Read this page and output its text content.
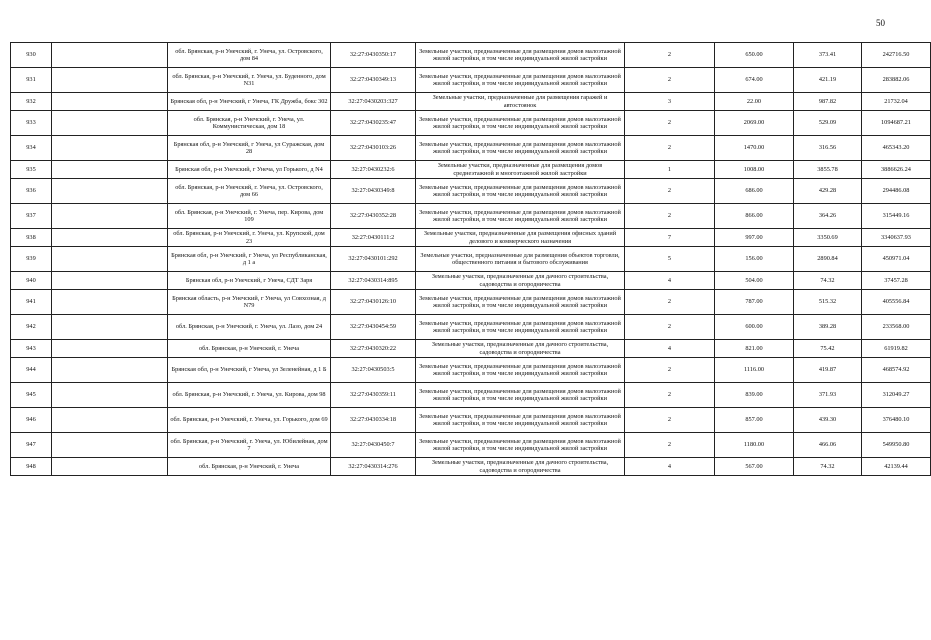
50
930		обл. Брянская, р-н Унечский, г. Унеча, ул. Островского, дом 84	32:27:0430350:17	Земельные участки, предназначенные для размещения домов малоэтажной жилой застройки, в том числе индивидуальной жилой застройки	2	650.00	373.41	242716.50
931		обл. Брянская, р-н Унечский, г. Унеча, ул. Буденного, дом N31	32:27:0430349:13	Земельные участки, предназначенные для размещения домов малоэтажной жилой застройки, в том числе индивидуальной жилой застройки	2	674.00	421.19	283882.06
932		Брянская обл, р-н Унечский, г Унеча, ГК Дружба, бокс 302	32:27:0430203:327	Земельные участки, предназначенные для размещения гаражей и автостоянок	3	22.00	987.82	21732.04
933		обл. Брянская, р-н Унечский, г. Унеча, ул. Коммунистическая, дом 18	32:27:0430235:47	Земельные участки, предназначенные для размещения домов малоэтажной жилой застройки, в том числе индивидуальной жилой застройки	2	2069.00	529.09	1094687.21
934		Брянская обл, р-н Унечский, г Унеча, ул Суражская, дом 28	32:27:0430103:26	Земельные участки, предназначенные для размещения домов малоэтажной жилой застройки, в том числе индивидуальной жилой застройки	2	1470.00	316.56	465343.20
935		Брянская обл, р-н Унечский, г Унеча, ул Горького, д N4	32:27:0430232:6	Земельные участки, предназначенные для размещения домов среднеэтажной и многоэтажной жилой застройки	1	1008.00	3855.78	3886626.24
936		обл. Брянская, р-н Унечский, г. Унеча, ул. Островского, дом 66	32:27:0430349:8	Земельные участки, предназначенные для размещения домов малоэтажной жилой застройки, в том числе индивидуальной жилой застройки	2	686.00	429.28	294486.08
937		обл. Брянская, р-н Унечский, г. Унеча, пер. Кирова, дом 109	32:27:0430352:28	Земельные участки, предназначенные для размещения домов малоэтажной жилой застройки, в том числе индивидуальной жилой застройки	2	866.00	364.26	315449.16
938		обл. Брянская, р-н Унечский, г. Унеча, ул. Крупской, дом 23	32:27:0430111:2	Земельные участки, предназначенные для размещения офисных зданий делового и коммерческого назначения	7	997.00	3350.69	3340637.93
939		Брянская обл, р-н Унечский, г Унеча, ул Республиканская, д 1 а	32:27:0430101:292	Земельные участки, предназначенные для размещения объектов торговли, общественного питания и бытового обслуживания	5	156.00	2890.84	450971.04
940		Брянская обл, р-н Унечский, г Унеча, СДТ Заря	32:27:0430314:895	Земельные участки, предназначенные для дачного строительства, садоводства и огородничества	4	504.00	74.32	37457.28
941		Брянская область, р-н Унечский, г Унеча, ул Совхозная, д N79	32:27:0430126:10	Земельные участки, предназначенные для размещения домов малоэтажной жилой застройки, в том числе индивидуальной жилой застройки	2	787.00	515.32	405556.84
942		обл. Брянская, р-н Унечский, г. Унеча, ул. Лазо, дом 24	32:27:0430454:59	Земельные участки, предназначенные для размещения домов малоэтажной жилой застройки, в том числе индивидуальной жилой застройки	2	600.00	389.28	233568.00
943		обл. Брянская, р-н Унечский, г. Унеча	32:27:0430320:22	Земельные участки, предназначенные для дачного строительства, садоводства и огородничества	4	821.00	75.42	61919.82
944		Брянская обл, р-н Унечский, г Унеча, ул Зеленейная, д 1 Б	32:27:0430503:5	Земельные участки, предназначенные для размещения домов малоэтажной жилой застройки, в том числе индивидуальной жилой застройки	2	1116.00	419.87	468574.92
945		обл. Брянская, р-н Унечский, г. Унеча, ул. Кирова, дом 98	32:27:0430359:11	Земельные участки, предназначенные для размещения домов малоэтажной жилой застройки, в том числе индивидуальной жилой застройки	2	839.00	371.93	312049.27
946		обл. Брянская, р-н Унечский, г. Унеча, ул. Горького, дом 69	32:27:0430334:18	Земельные участки, предназначенные для размещения домов малоэтажной жилой застройки, в том числе индивидуальной жилой застройки	2	857.00	439.30	376480.10
947		обл. Брянская, р-н Унечский, г. Унеча, ул. Юбилейная, дом 7	32:27:0430450:7	Земельные участки, предназначенные для размещения домов малоэтажной жилой застройки, в том числе индивидуальной жилой застройки	2	1180.00	466.06	549950.80
948		обл. Брянская, р-н Унечский, г. Унеча	32:27:0430314:276	Земельные участки, предназначенные для дачного строительства, садоводства и огородничества	4	567.00	74.32	42139.44
